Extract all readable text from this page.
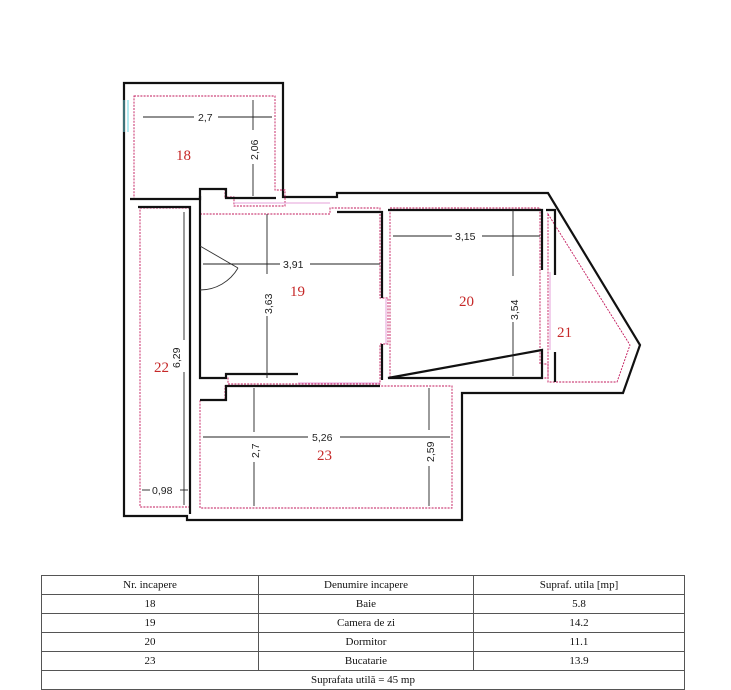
2,7
2,06
3,91
3,63
3,15
3,54
6,29
0,98
5,26
2,7	2,59
18
19
20
21
22
23
Nr. incapere	Denumire incapere	Supraf. utila [mp]
18	Baie	5.8
19	Camera de zi	14.2
20	Dormitor	11.1
23	Bucatarie	13.9
Suprafata utilă = 45 mp		
